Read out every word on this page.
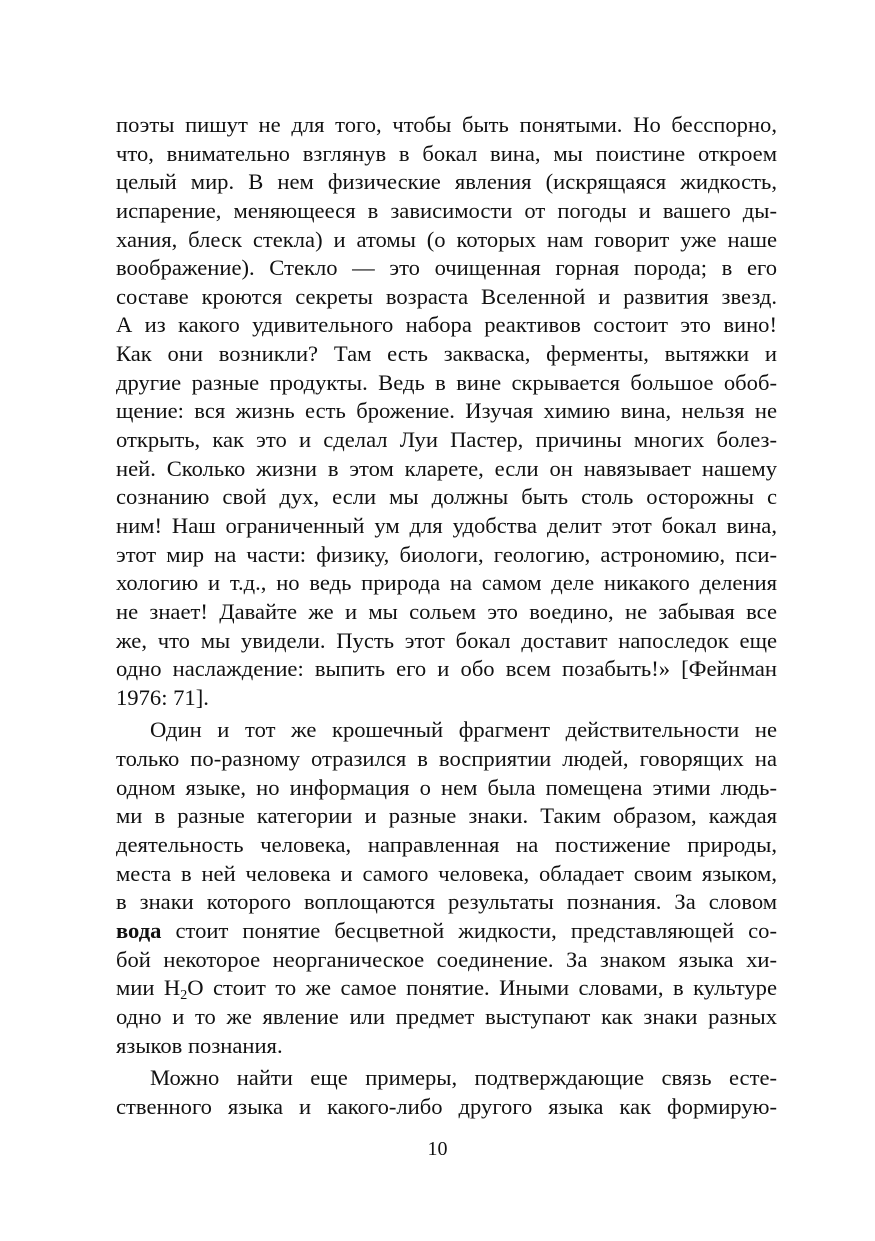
поэты пишут не для того, чтобы быть понятыми. Но бесспорно,
что, внимательно взглянув в бокал вина, мы поистине откроем
целый мир. В нем физические явления (искрящаяся жидкость,
испарение, меняющееся в зависимости от погоды и вашего ды-
хания, блеск стекла) и атомы (о которых нам говорит уже наше
воображение). Стекло — это очищенная горная порода; в его
составе кроются секреты возраста Вселенной и развития звезд.
А из какого удивительного набора реактивов состоит это вино!
Как они возникли? Там есть закваска, ферменты, вытяжки и
другие разные продукты. Ведь в вине скрывается большое обоб-
щение: вся жизнь есть брожение. Изучая химию вина, нельзя не
открыть, как это и сделал Луи Пастер, причины многих болез-
ней. Сколько жизни в этом кларете, если он навязывает нашему
сознанию свой дух, если мы должны быть столь осторожны с
ним! Наш ограниченный ум для удобства делит этот бокал вина,
этот мир на части: физику, биологи, геологию, астрономию, пси-
хологию и т.д., но ведь природа на самом деле никакого деления
не знает! Давайте же и мы сольем это воедино, не забывая все
же, что мы увидели. Пусть этот бокал доставит напоследок еще
одно наслаждение: выпить его и обо всем позабыть!» [Фейнман
1976: 71].
Один и тот же крошечный фрагмент действительности не
только по-разному отразился в восприятии людей, говорящих на
одном языке, но информация о нем была помещена этими людь-
ми в разные категории и разные знаки. Таким образом, каждая
деятельность человека, направленная на постижение природы,
места в ней человека и самого человека, обладает своим языком,
в знаки которого воплощаются результаты познания. За словом
вода стоит понятие бесцветной жидкости, представляющей со-
бой некоторое неорганическое соединение. За знаком языка хи-
мии $H_2O$ стоит то же самое понятие. Иными словами, в культуре
одно и то же явление или предмет выступают как знаки разных
языков познания.
Можно найти еще примеры, подтверждающие связь есте-
ственного языка и какого-либо другого языка как формирую-
10
